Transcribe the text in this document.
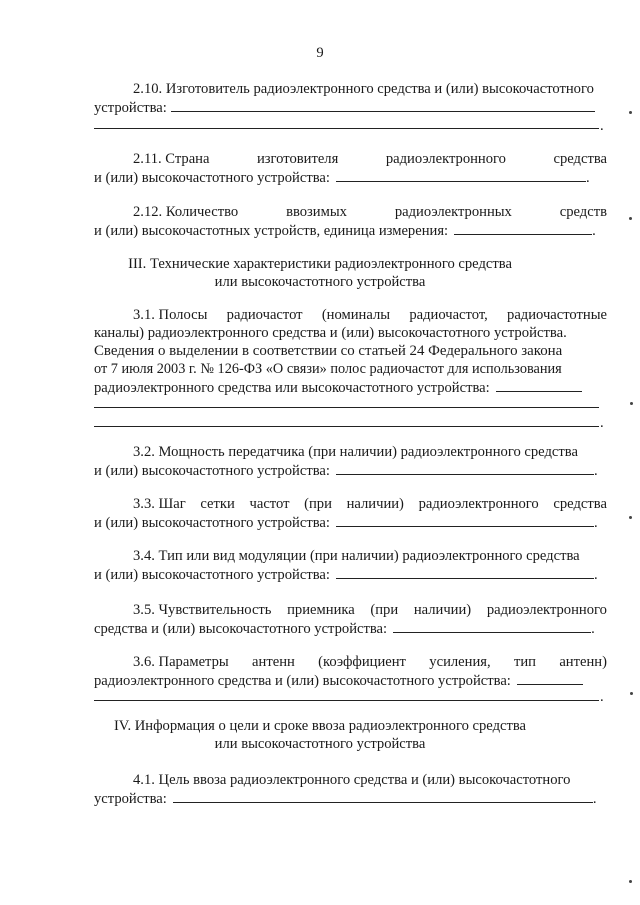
9
2.10. Изготовитель радиоэлектронного средства и (или) высокочастотного
устройства:
.
2.11. Страна	изготовителя	радиоэлектронного	средства
и (или) высокочастотного устройства:	.
2.12. Количество	ввозимых	радиоэлектронных	средств
и (или) высокочастотных устройств, единица измерения:	.
III. Технические характеристики радиоэлектронного средства
или высокочастотного устройства
3.1. Полосы радиочастот (номиналы радиочастот, радиочастотные
каналы) радиоэлектронного средства и (или) высокочастотного устройства.
Сведения о выделении в соответствии со статьей 24 Федерального закона
от 7 июля 2003 г. № 126-ФЗ «О связи» полос радиочастот для использования
радиоэлектронного средства или высокочастотного устройства:
.
3.2. Мощность передатчика (при наличии) радиоэлектронного средства
и (или) высокочастотного устройства:	.
3.3. Шаг сетки частот (при наличии) радиоэлектронного средства
и (или) высокочастотного устройства:	.
3.4. Тип или вид модуляции (при наличии) радиоэлектронного средства
и (или) высокочастотного устройства:	.
3.5. Чувствительность приемника (при наличии) радиоэлектронного
средства и (или) высокочастотного устройства:	.
3.6. Параметры антенн (коэффициент усиления, тип антенн)
радиоэлектронного средства и (или) высокочастотного устройства:
.
IV. Информация о цели и сроке ввоза радиоэлектронного средства
или высокочастотного устройства
4.1. Цель ввоза радиоэлектронного средства и (или) высокочастотного
устройства:	.
